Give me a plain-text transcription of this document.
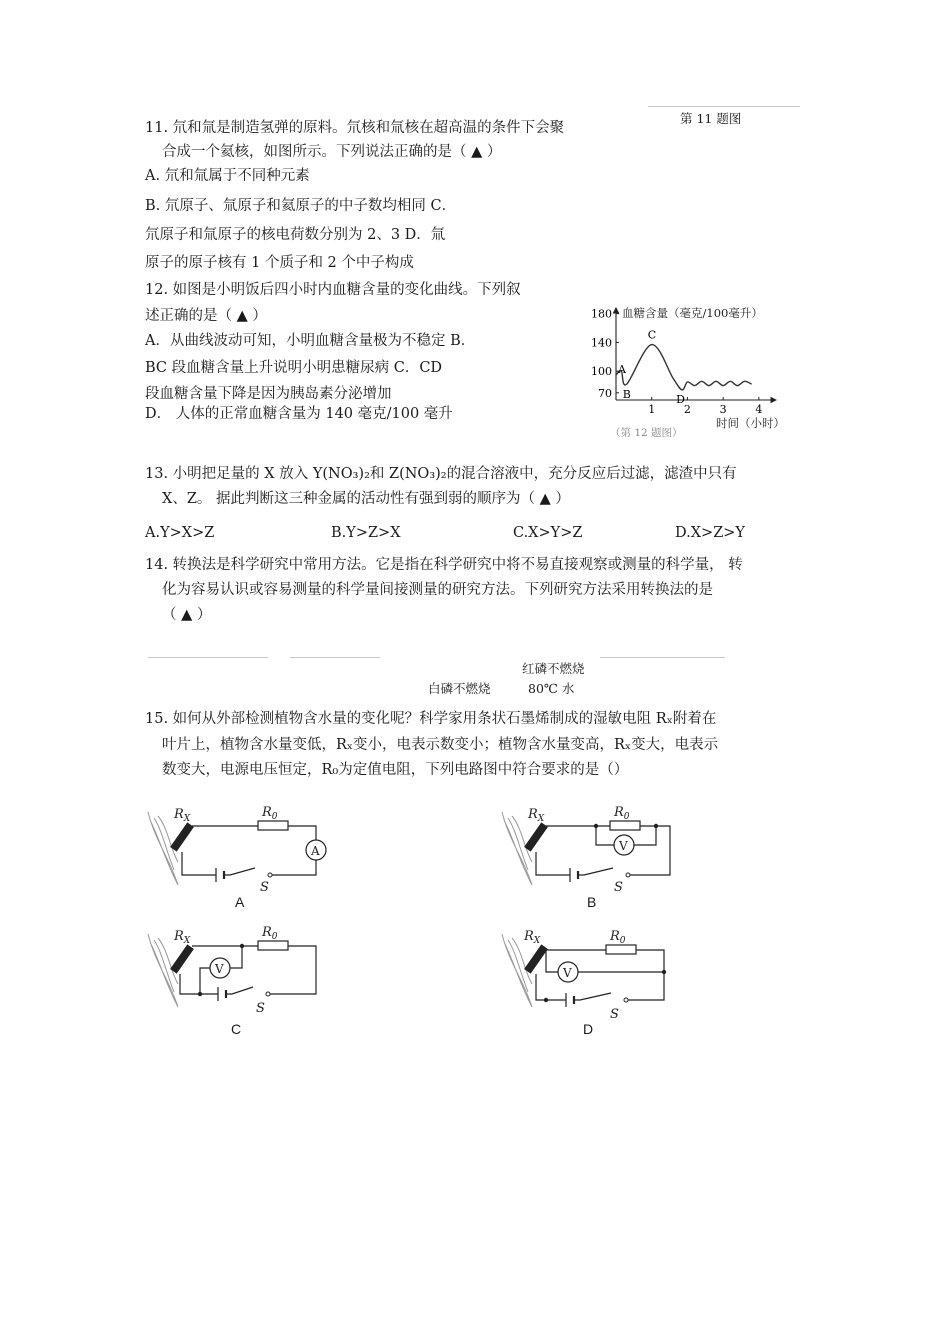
第 11 题图
11. 氘和氚是制造氢弹的原料。氘核和氚核在超高温的条件下会聚
合成一个氦核，如图所示。下列说法正确的是（ ▲ ）
A. 氘和氚属于不同种元素
B. 氘原子、氚原子和氦原子的中子数均相同 C．
氘原子和氚原子的核电荷数分别为 2、3 D．氚
原子的原子核有 1 个质子和 2 个中子构成
12. 如图是小明饭后四小时内血糖含量的变化曲线。下列叙
述正确的是（ ▲ ）
A．从曲线波动可知，小明血糖含量极为不稳定 B．
BC 段血糖含量上升说明小明患糖尿病 C．CD
段血糖含量下降是因为胰岛素分泌增加
D． 人体的正常血糖含量为 140 毫克/100 毫升
血糖含量（毫克/100毫升）
180
140
100
70
1	2	3	4
A
B
C
D
时间（小时）
（第 12 题图）
13. 小明把足量的 X 放入 Y(NO₃)₂和 Z(NO₃)₂的混合溶液中，充分反应后过滤，滤渣中只有
X、Z。 据此判断这三种金属的活动性有强到弱的顺序为（ ▲ ）
A.Y>X>Z	B.Y>Z>X	C.X>Y>Z	D.X>Z>Y
14. 转换法是科学研究中常用方法。它是指在科学研究中将不易直接观察或测量的科学量， 转
化为容易认识或容易测量的科学量间接测量的研究方法。下列研究方法采用转换法的是
（ ▲ ）
红磷不燃烧
白磷不燃烧	80℃ 水
15. 如何从外部检测植物含水量的变化呢？科学家用条状石墨烯制成的湿敏电阻 Rₓ附着在
叶片上，植物含水量变低，Rₓ变小，电表示数变小；植物含水量变高，Rₓ变大，电表示
数变大，电源电压恒定，R₀为定值电阻，下列电路图中符合要求的是（）
$R_X$	$R_0$
A
S
A
$R_X$	$R_0$
V
S
B
$R_X$
$R_0$
V
S
C
$R_X$	$R_0$
V
S
D
